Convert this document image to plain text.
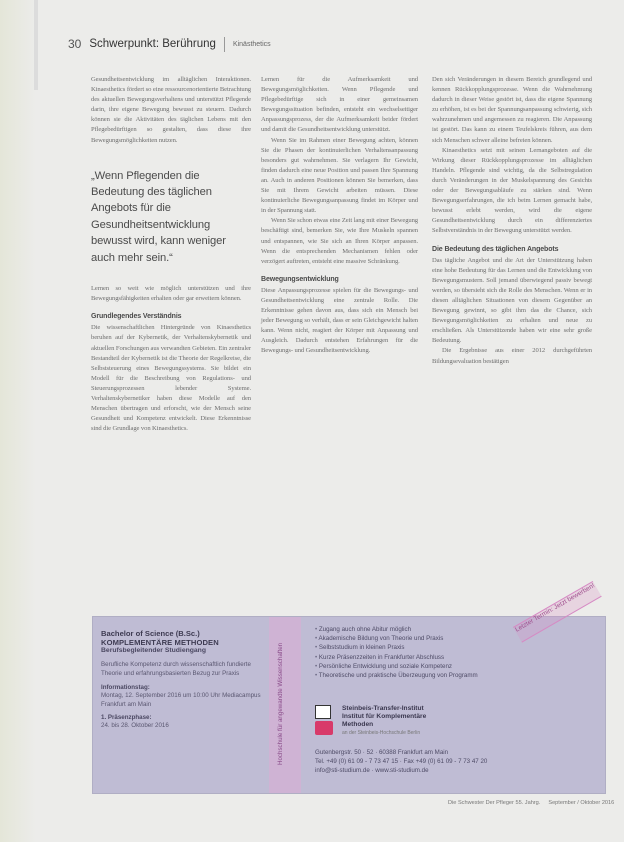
30 Schwerpunkt: Berührung Kinästhetics

Gesundheitsentwicklung im alltäglichen Interaktionen. Kinaesthetics fördert so eine ressourcenorientierte Betrachtung des aktuellen Bewegungsverhaltens und unterstützt Pflegende darin, ihre eigene Bewegung bewusst zu steuern. Dadurch können sie die Aktivitäten des täglichen Lebens mit den Pflegebedürftigen so gestalten, dass diese ihre Bewegungsmöglichkeiten nutzen.

„Wenn Pflegenden die Bedeutung des täglichen Angebots für die Gesundheitsentwicklung bewusst wird, kann weniger auch mehr sein.“

Lernen so weit wie möglich unterstützen und ihre Bewegungsfähigkeiten erhalten oder gar erweitern können.

Grundlegendes Verständnis

Die wissenschaftlichen Hintergründe von Kinaesthetics beruhen auf der Kybernetik, der Verhaltenskybernetik und aktuellen Forschungen aus verwandten Gebieten. Ein zentraler Bestandteil der Kybernetik ist die Theorie der Regelkreise, die Selbststeuerung eines Bewegungssystems. Sie bildet ein Modell für die Beschreibung von Regulations- und Steuerungsprozessen lebender Systeme. Verhaltenskybernetiker haben diese Modelle auf den Menschen übertragen und erforscht, wie der Mensch seine Gesundheit und Kompetenz entwickelt. Diese Erkenntnisse sind die Grundlage von Kinaesthetics.

Lernen für die Aufmerksamkeit und Bewegungsmöglichkeiten. Wenn Pflegende und Pflegebedürftige sich in einer gemeinsamen Bewegungssituation befinden, entsteht ein wechselseitiger Anpassungsprozess, der die Aufmerksamkeit beider fördert und damit die Gesundheitsentwicklung unterstützt.

Wenn Sie im Rahmen einer Bewegung achten, können Sie die Phasen der kontinuierlichen Verhaltensanpassung besonders gut wahrnehmen. Sie verlagern Ihr Gewicht, finden dadurch eine neue Position und passen Ihre Spannung an. Auch in anderen Positionen können Sie bemerken, dass Sie mit Ihrem Gewicht arbeiten müssen. Diese kontinuierliche Bewegungsanpassung findet im Körper und in der Spannung statt.

Wenn Sie schon etwas eine Zeit lang mit einer Bewegung beschäftigt sind, bemerken Sie, wie Ihre Muskeln spannen und entspannen, wie Sie sich an Ihren Körper anpassen. Wenn die entsprechenden Mechanismen fehlen oder verzögert auftreten, entsteht eine massive Schränkung.

Bewegungsentwicklung

Diese Anpassungsprozesse spielen für die Bewegungs- und Gesundheitsentwicklung eine zentrale Rolle. Die Erkenntnisse gehen davon aus, dass sich ein Mensch bei jeder Bewegung so verhält, dass er sein Gleichgewicht halten kann. Wenn nicht, reagiert der Körper mit Anpassung und Ausgleich. Dadurch entstehen Erfahrungen für die Bewegungs- und Gesundheitsentwicklung.

Den sich Veränderungen in diesem Bereich grundlegend und kennen Rückkopplungsprozesse. Wenn die Wahrnehmung dadurch in dieser Weise gestört ist, dass die eigene Spannung zu erhöhen, ist es bei der Spannungsanpassung schwierig, sich wahrzunehmen und angemessen zu reagieren. Die Anpassung ist gestört. Das kann zu einem Teufelskreis führen, aus dem sich Menschen schwer alleine befreien können.

Kinaesthetics setzt mit seinen Lernangeboten auf die Wirkung dieser Rückkopplungsprozesse im alltäglichen Handeln. Pflegende sind wichtig, da die Selbstregulation durch Veränderungen in der Muskelspannung des Gesichts oder der Bewegungsabläufe zu stärken sind. Wenn Bewegungserfahrungen, die ich beim Lernen gemacht habe, bewusst erlebt werden, wird die eigene Gesundheitsentwicklung durch ein differenziertes Selbstverständnis in der Bewegung unterstützt werden.

Die Bedeutung des täglichen Angebots

Das tägliche Angebot und die Art der Unterstützung haben eine hohe Bedeutung für das Lernen und die Entwicklung von Bewegungsmustern. Soll jemand überwiegend passiv bewegt werden, so übersieht sich die Rolle des Menschen. Wenn er in diesen alltäglichen Situationen von diesem Gegenüber an Bewegung gewinnt, so gibt ihm das die Chance, sich Bewegungsmöglichkeiten zu erhalten und neue zu erschließen. Als Unterstützende haben wir eine sehr große Bedeutung.

Die Ergebnisse aus einer 2012 durchgeführten Bildungsevaluation bestätigen

Bachelor of Science (B.Sc.)
KOMPLEMENTÄRE METHODEN
Berufsbegleitender Studiengang
Berufliche Kompetenz durch wissenschaftlich fundierte Theorie und erfahrungsbasierten Bezug zur Praxis
Informationstag:
Montag, 12. September 2016 um 10:00 Uhr Mediacampus Frankfurt am Main
1. Präsenzphase:
24. bis 28. Oktober 2016	Hochschule für angewandte Wissenschaften
• Zugang auch ohne Abitur möglich
• Akademische Bildung von Theorie und Praxis
• Selbststudium in kleinen Praxis
• Kurze Präsenzzeiten in Frankfurter Abschluss
• Persönliche Entwicklung und soziale Kompetenz
• Theoretische und praktische Überzeugung von Programm
Letzter Termin: Jetzt bewerben!
Steinbeis-Transfer-Institut
Institut für Komplementäre
Methoden
an der Steinbeis-Hochschule Berlin
Gutenbergstr. 50 · 52 · 60388 Frankfurt am Main
Tel. +49 (0) 61 09 - 7 73 47 15 · Fax +49 (0) 61 09 - 7 73 47 20
info@sti-studium.de · www.sti-studium.de
Die Schwester Der Pfleger 55. Jahrg. September / Oktober 2016
